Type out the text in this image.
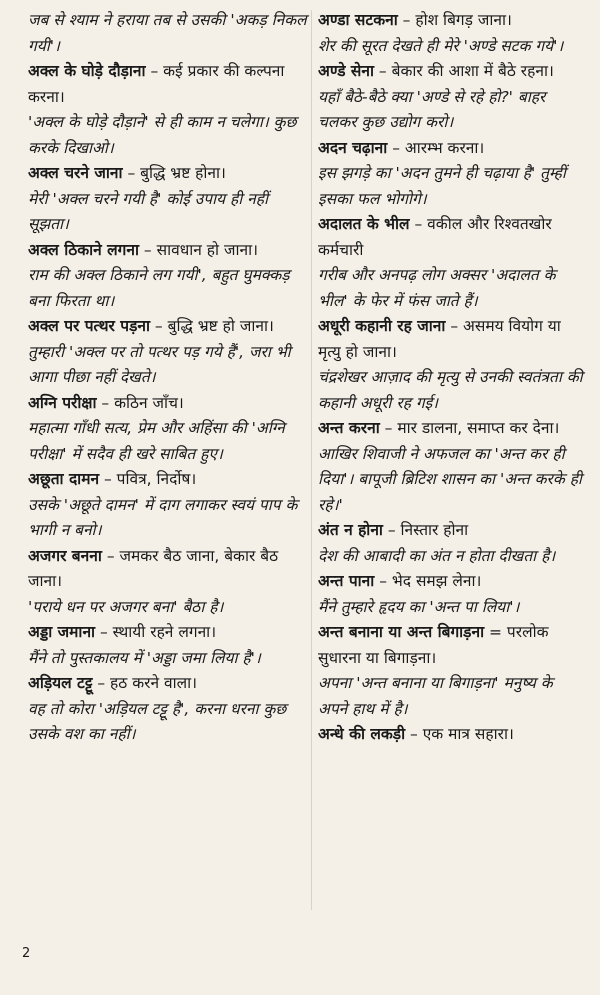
जब से श्याम ने हराया तब से उसकी 'अकड़ निकल गयी'।

अक्ल के घोड़े दौड़ाना – कई प्रकार की कल्पना करना।

'अक्ल के घोड़े दौड़ाने' से ही काम न चलेगा। कुछ करके दिखाओ।

अक्ल चरने जाना – बुद्धि भ्रष्ट होना।

मेरी 'अक्ल चरने गयी है' कोई उपाय ही नहीं सूझता।

अक्ल ठिकाने लगना – सावधान हो जाना।

राम की अक्ल ठिकाने लग गयी', बहुत घुमक्कड़ बना फिरता था।

अक्ल पर पत्थर पड़ना – बुद्धि भ्रष्ट हो जाना।

तुम्हारी 'अक्ल पर तो पत्थर पड़ गये हैं', जरा भी आगा पीछा नहीं देखते।

अग्नि परीक्षा – कठिन जाँच।

महात्मा गाँधी सत्य, प्रेम और अहिंसा की 'अग्नि परीक्षा' में सदैव ही खरे साबित हुए।

अछूता दामन – पवित्र, निर्दोष।

उसके 'अछूते दामन' में दाग लगाकर स्वयं पाप के भागी न बनो।

अजगर बनना – जमकर बैठ जाना, बेकार बैठ जाना।

'पराये धन पर अजगर बना' बैठा है।

अड्डा जमाना – स्थायी रहने लगना।

मैंने तो पुस्तकालय में 'अड्डा जमा लिया है'।

अड़ियल टट्टू – हठ करने वाला।

वह तो कोरा 'अड़ियल टट्टू है', करना धरना कुछ उसके वश का नहीं।

अण्डा सटकना – होश बिगड़ जाना।

शेर की सूरत देखते ही मेरे 'अण्डे सटक गये'।

अण्डे सेना – बेकार की आशा में बैठे रहना।

यहाँ बैठे-बैठे क्या 'अण्डे से रहे हो?' बाहर चलकर कुछ उद्योग करो।

अदन चढ़ाना – आरम्भ करना।

इस झगड़े का 'अदन तुमने ही चढ़ाया है' तुम्हीं इसका फल भोगोगे।

अदालत के भील – वकील और रिश्वतखोर कर्मचारी

गरीब और अनपढ़ लोग अक्सर 'अदालत के भील' के फेर में फंस जाते हैं।

अधूरी कहानी रह जाना – असमय वियोग या मृत्यु हो जाना।

चंद्रशेखर आज़ाद की मृत्यु से उनकी स्वतंत्रता की कहानी अधूरी रह गई।

अन्त करना – मार डालना, समाप्त कर देना।

आखिर शिवाजी ने अफजल का 'अन्त कर ही दिया'। बापूजी ब्रिटिश शासन का 'अन्त करके ही रहे।'

अंत न होना – निस्तार होना

देश की आबादी का अंत न होता दीखता है।

अन्त पाना – भेद समझ लेना।

मैंने तुम्हारे हृदय का 'अन्त पा लिया'।

अन्त बनाना या अन्त बिगाड़ना = परलोक सुधारना या बिगाड़ना।

अपना 'अन्त बनाना या बिगाड़ना' मनुष्य के अपने हाथ में है।

अन्धे की लकड़ी – एक मात्र सहारा।

2
